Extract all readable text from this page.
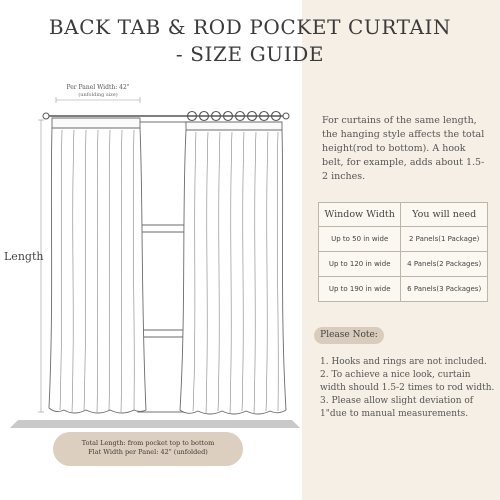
BACK TAB & ROD POCKET CURTAIN
- SIZE GUIDE
Per Panel Width: 42"
(unfolding size)
Length
Total Length: from pocket top to bottom
Flat Width per Panel: 42" (unfolded)
For curtains of the same length, the hanging style affects the total height(rod to bottom). A hook belt, for example, adds about 1.5-2 inches.
Window Width	You will need
Up to 50 in wide	2 Panels(1 Package)
Up to 120 in wide	4 Panels(2 Packages)
Up to 190 in wide	6 Panels(3 Packages)
Please Note:
1. Hooks and rings are not included.
2. To achieve a nice look, curtain width should 1.5-2 times to rod width.
3. Please allow slight deviation of 1"due to manual measurements.
